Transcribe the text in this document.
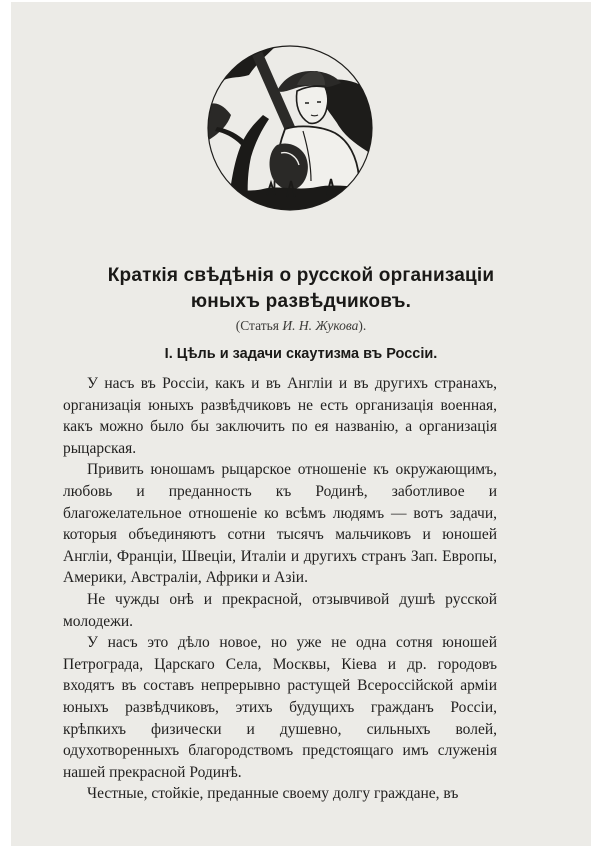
Краткія свѣдѣнія о русской организаціи
юныхъ развѣдчиковъ.
(Статья И. Н. Жукова).
I. Цѣль и задачи скаутизма въ Россіи.

У насъ въ Россіи, какъ и въ Англіи и въ другихъ странахъ, организація юныхъ развѣдчиковъ не есть организація военная, какъ можно было бы заключить по ея названію, а организація рыцарская.

Привить юношамъ рыцарское отношеніе къ окружающимъ, любовь и преданность къ Родинѣ, заботливое и благожелательное отношеніе ко всѣмъ людямъ — вотъ задачи, которыя объединяютъ сотни тысячъ мальчиковъ и юношей Англіи, Франціи, Швеціи, Италіи и другихъ странъ Зап. Европы, Америки, Австраліи, Африки и Азіи.

Не чужды онѣ и прекрасной, отзывчивой душѣ русской молодежи.

У насъ это дѣло новое, но уже не одна сотня юношей Петрограда, Царскаго Села, Москвы, Кіева и др. городовъ входятъ въ составъ непрерывно растущей Всероссійской арміи юныхъ развѣдчиковъ, этихъ будущихъ гражданъ Россіи, крѣпкихъ физически и душевно, сильныхъ волей, одухотворенныхъ благородствомъ предстоящаго имъ служенія нашей прекрасной Родинѣ.

Честные, стойкіе, преданные своему долгу граждане, въ
